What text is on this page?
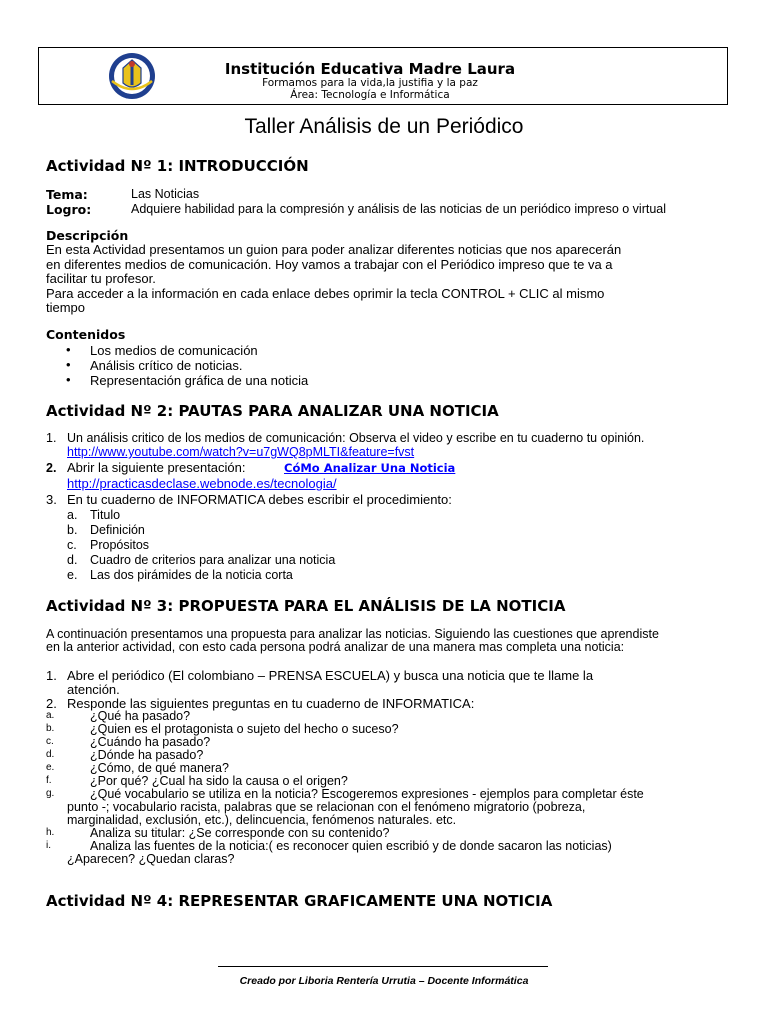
Institución Educativa Madre Laura
Formamos para la vida,la justifia y la paz
Área: Tecnología e Informática
Taller Análisis de un Periódico
Actividad Nº 1: INTRODUCCIÓN
Tema:	Las Noticias
Logro:	Adquiere habilidad para la compresión y análisis de las noticias de un periódico impreso o virtual
Descripción
En esta Actividad presentamos un guion para poder analizar diferentes noticias que nos aparecerán
en diferentes medios de comunicación. Hoy vamos a trabajar con el Periódico impreso que te va a
facilitar tu profesor.
Para acceder a la información en cada enlace debes oprimir la tecla CONTROL + CLIC al mismo
tiempo
Contenidos
• Los medios de comunicación
• Análisis crítico de noticias.
• Representación gráfica de una noticia
Actividad Nº 2: PAUTAS PARA ANALIZAR UNA NOTICIA
1. Un análisis critico de los medios de comunicación: Observa el video y escribe en tu cuaderno tu opinión.
http://www.youtube.com/watch?v=u7gWQ8pMLTI&feature=fvst
2. Abrir la siguiente presentación:	CóMo Analizar Una Noticia
http://practicasdeclase.webnode.es/tecnologia/
3. En tu cuaderno de INFORMATICA debes escribir el procedimiento:
a. Titulo
b. Definición
c. Propósitos
d. Cuadro de criterios para analizar una noticia
e. Las dos pirámides de la noticia corta
Actividad Nº 3: PROPUESTA PARA EL ANÁLISIS DE LA NOTICIA
A continuación presentamos una propuesta para analizar las noticias. Siguiendo las cuestiones que aprendiste
en la anterior actividad, con esto cada persona podrá analizar de una manera mas completa una noticia:
1. Abre el periódico (El colombiano – PRENSA ESCUELA) y busca una noticia que te llame la
atención.
2. Responde las siguientes preguntas en tu cuaderno de INFORMATICA:
a.	¿Qué ha pasado?
b.	¿Quien es el protagonista o sujeto del hecho o suceso?
c.	¿Cuándo ha pasado?
d.	¿Dónde ha pasado?
e.	¿Cómo, de qué manera?
f.	¿Por qué? ¿Cual ha sido la causa o el origen?
g.	¿Qué vocabulario se utiliza en la noticia? Escogeremos expresiones - ejemplos para completar éste
punto -; vocabulario racista, palabras que se relacionan con el fenómeno migratorio (pobreza,
marginalidad, exclusión, etc.), delincuencia, fenómenos naturales. etc.
h.	Analiza su titular: ¿Se corresponde con su contenido?
i.	Analiza las fuentes de la noticia:( es reconocer quien escribió y de donde sacaron las noticias)
¿Aparecen? ¿Quedan claras?
Actividad Nº 4: REPRESENTAR GRAFICAMENTE UNA NOTICIA
Creado por Liboria Rentería Urrutia – Docente Informática
